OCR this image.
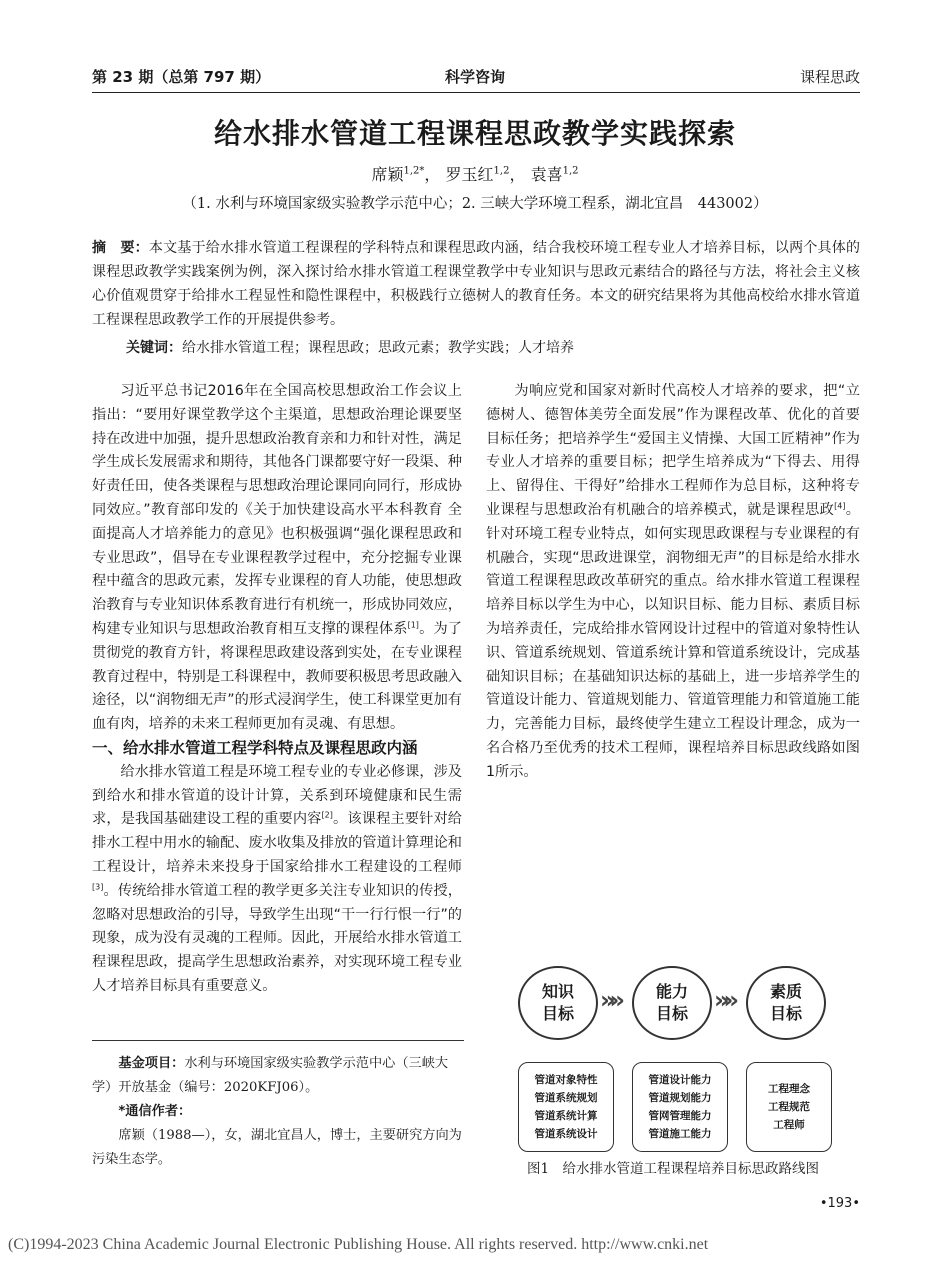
第 23 期（总第 797 期）	科学咨询	课程思政
给水排水管道工程课程思政教学实践探索
席颖$^{1,2*}$， 罗玉红$^{1,2}$， 袁喜$^{1,2}$
（1. 水利与环境国家级实验教学示范中心；2. 三峡大学环境工程系，湖北宜昌　443002）
摘　要：本文基于给水排水管道工程课程的学科特点和课程思政内涵，结合我校环境工程专业人才培养目标，以两个具体的课程思政教学实践案例为例，深入探讨给水排水管道工程课堂教学中专业知识与思政元素结合的路径与方法，将社会主义核心价值观贯穿于给排水工程显性和隐性课程中，积极践行立德树人的教育任务。本文的研究结果将为其他高校给水排水管道工程课程思政教学工作的开展提供参考。
关键词：给水排水管道工程；课程思政；思政元素；教学实践；人才培养

习近平总书记2016年在全国高校思想政治工作会议上指出：“要用好课堂教学这个主渠道，思想政治理论课要坚持在改进中加强，提升思想政治教育亲和力和针对性，满足学生成长发展需求和期待，其他各门课都要守好一段渠、种好责任田，使各类课程与思想政治理论课同向同行，形成协同效应。”教育部印发的《关于加快建设高水平本科教育 全面提高人才培养能力的意见》也积极强调“强化课程思政和专业思政”，倡导在专业课程教学过程中，充分挖掘专业课程中蕴含的思政元素，发挥专业课程的育人功能，使思想政治教育与专业知识体系教育进行有机统一，形成协同效应，构建专业知识与思想政治教育相互支撑的课程体系[1]。为了贯彻党的教育方针，将课程思政建设落到实处，在专业课程教育过程中，特别是工科课程中，教师要积极思考思政融入途径，以“润物细无声”的形式浸润学生，使工科课堂更加有血有肉，培养的未来工程师更加有灵魂、有思想。

一、给水排水管道工程学科特点及课程思政内涵

给水排水管道工程是环境工程专业的专业必修课，涉及到给水和排水管道的设计计算，关系到环境健康和民生需求，是我国基础建设工程的重要内容[2]。该课程主要针对给排水工程中用水的输配、废水收集及排放的管道计算理论和工程设计，培养未来投身于国家给排水工程建设的工程师[3]。传统给排水管道工程的教学更多关注专业知识的传授，忽略对思想政治的引导，导致学生出现“干一行行恨一行”的现象，成为没有灵魂的工程师。因此，开展给水排水管道工程课程思政，提高学生思想政治素养，对实现环境工程专业人才培养目标具有重要意义。

为响应党和国家对新时代高校人才培养的要求，把“立德树人、德智体美劳全面发展”作为课程改革、优化的首要目标任务；把培养学生“爱国主义情操、大国工匠精神”作为专业人才培养的重要目标；把学生培养成为“下得去、用得上、留得住、干得好”给排水工程师作为总目标，这种将专业课程与思想政治有机融合的培养模式，就是课程思政[4]。针对环境工程专业特点，如何实现思政课程与专业课程的有机融合，实现“思政进课堂，润物细无声”的目标是给水排水管道工程课程思政改革研究的重点。给水排水管道工程课程培养目标以学生为中心，以知识目标、能力目标、素质目标为培养责任，完成给排水管网设计过程中的管道对象特性认识、管道系统规划、管道系统计算和管道系统设计，完成基础知识目标；在基础知识达标的基础上，进一步培养学生的管道设计能力、管道规划能力、管道管理能力和管道施工能力，完善能力目标，最终使学生建立工程设计理念，成为一名合格乃至优秀的技术工程师，课程培养目标思政线路如图1所示。

基金项目：水利与环境国家级实验教学示范中心（三峡大学）开放基金（编号：2020KFJ06）。

*通信作者：

席颖（1988—），女，湖北宜昌人，博士，主要研究方向为污染生态学。

知识
目标 »» 能力
目标 »» 素质
目标
管道对象特性
管道系统规划
管道系统计算
管道系统设计
管道设计能力
管道规划能力
管网管理能力
管道施工能力
工程理念
工程规范
工程师
图1　给水排水管道工程课程培养目标思政路线图
•193•
(C)1994-2023 China Academic Journal Electronic Publishing House. All rights reserved. http://www.cnki.net
